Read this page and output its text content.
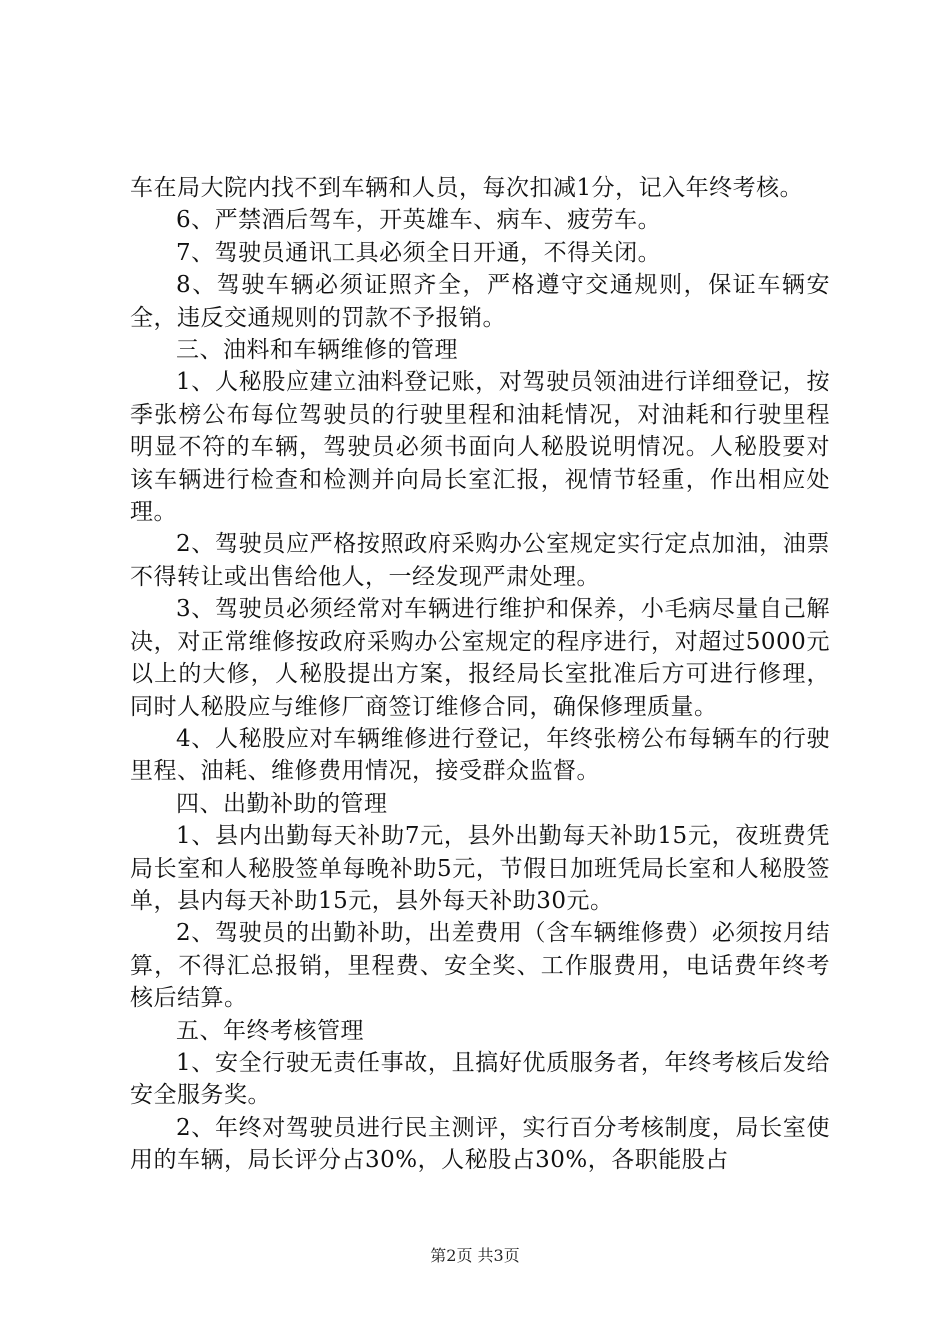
车在局大院内找不到车辆和人员，每次扣减1分，记入年终考核。

6、严禁酒后驾车，开英雄车、病车、疲劳车。

7、驾驶员通讯工具必须全日开通，不得关闭。

8、驾驶车辆必须证照齐全，严格遵守交通规则，保证车辆安全，违反交通规则的罚款不予报销。

三、油料和车辆维修的管理

1、人秘股应建立油料登记账，对驾驶员领油进行详细登记，按季张榜公布每位驾驶员的行驶里程和油耗情况，对油耗和行驶里程明显不符的车辆，驾驶员必须书面向人秘股说明情况。人秘股要对该车辆进行检查和检测并向局长室汇报，视情节轻重，作出相应处理。

2、驾驶员应严格按照政府采购办公室规定实行定点加油，油票不得转让或出售给他人，一经发现严肃处理。

3、驾驶员必须经常对车辆进行维护和保养，小毛病尽量自己解决，对正常维修按政府采购办公室规定的程序进行，对超过5000元以上的大修，人秘股提出方案，报经局长室批准后方可进行修理，同时人秘股应与维修厂商签订维修合同，确保修理质量。

4、人秘股应对车辆维修进行登记，年终张榜公布每辆车的行驶里程、油耗、维修费用情况，接受群众监督。

四、出勤补助的管理

1、县内出勤每天补助7元，县外出勤每天补助15元，夜班费凭局长室和人秘股签单每晚补助5元，节假日加班凭局长室和人秘股签单，县内每天补助15元，县外每天补助30元。

2、驾驶员的出勤补助，出差费用（含车辆维修费）必须按月结算，不得汇总报销，里程费、安全奖、工作服费用，电话费年终考核后结算。

五、年终考核管理

1、安全行驶无责任事故，且搞好优质服务者，年终考核后发给安全服务奖。

2、年终对驾驶员进行民主测评，实行百分考核制度，局长室使用的车辆，局长评分占30%，人秘股占30%，各职能股占

第2页 共3页
